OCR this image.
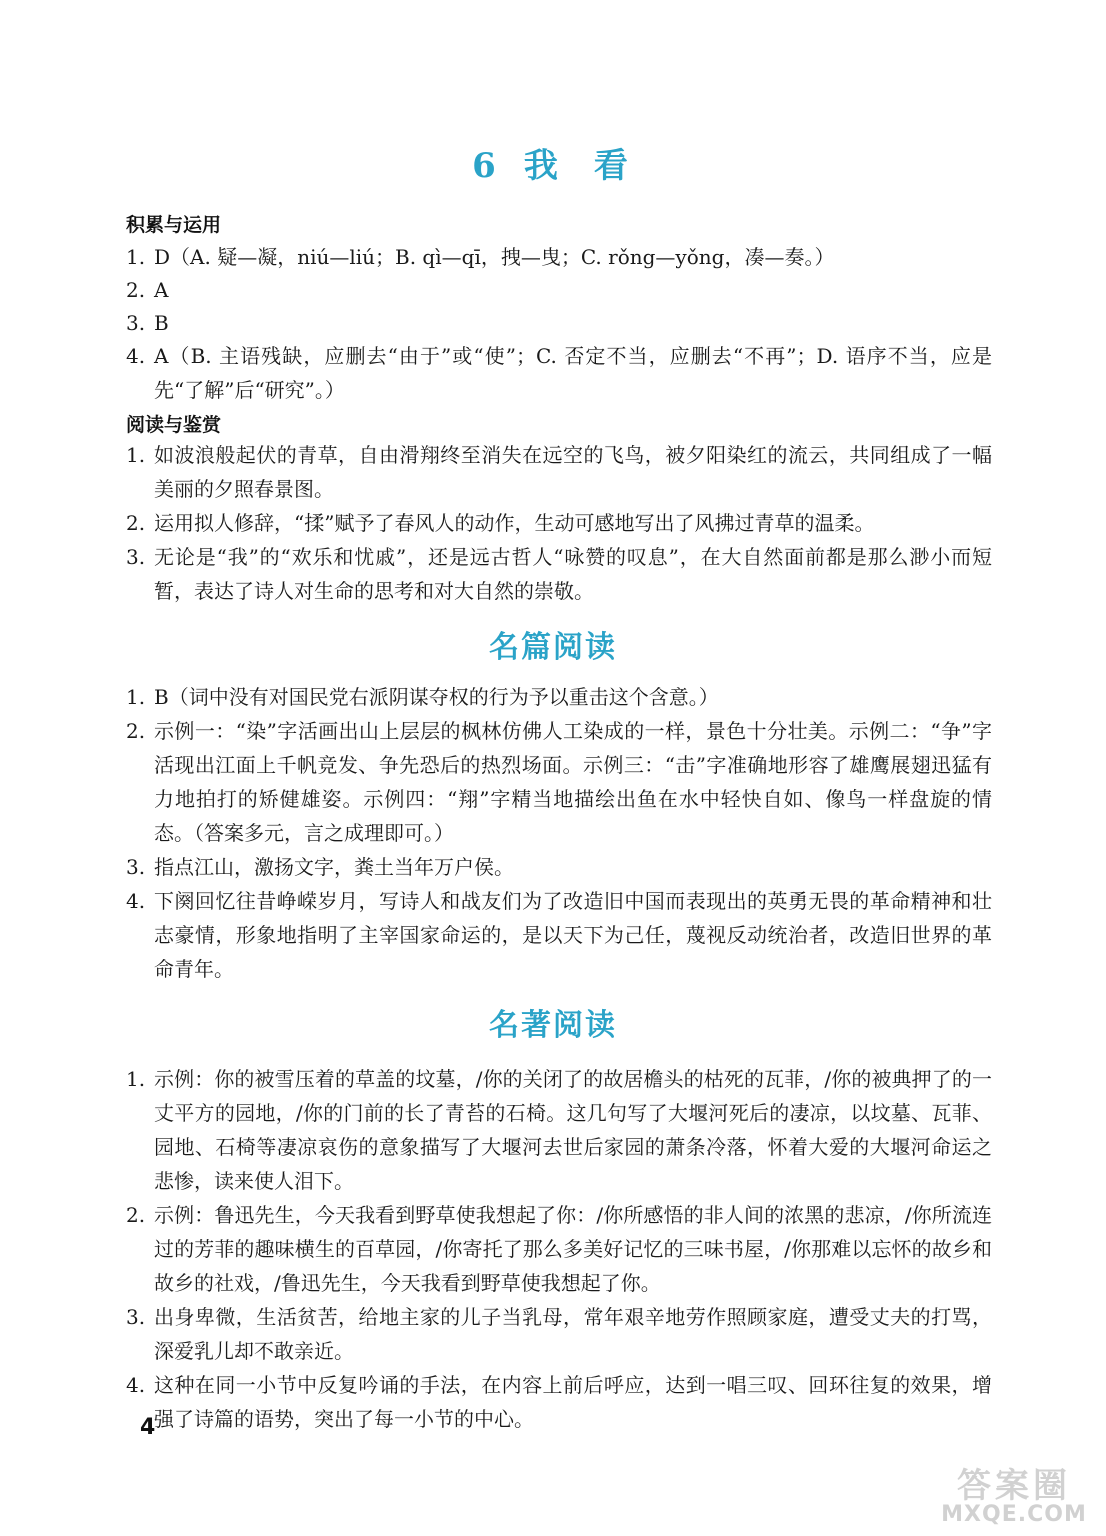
6 我 看
积累与运用
1. D（A. 疑—凝，niú—liú；B. qì—qī，拽—曳；C. rǒng—yǒng，凑—奏。）
2. A
3. B
4. A（B. 主语残缺，应删去“由于”或“使”；C. 否定不当，应删去“不再”；D. 语序不当，应是先“了解”后“研究”。）
阅读与鉴赏
1. 如波浪般起伏的青草，自由滑翔终至消失在远空的飞鸟，被夕阳染红的流云，共同组成了一幅美丽的夕照春景图。
2. 运用拟人修辞，“揉”赋予了春风人的动作，生动可感地写出了风拂过青草的温柔。
3. 无论是“我”的“欢乐和忧戚”，还是远古哲人“咏赞的叹息”，在大自然面前都是那么渺小而短暂，表达了诗人对生命的思考和对大自然的崇敬。
名篇阅读
1. B（词中没有对国民党右派阴谋夺权的行为予以重击这个含意。）
2. 示例一：“染”字活画出山上层层的枫林仿佛人工染成的一样，景色十分壮美。示例二：“争”字活现出江面上千帆竞发、争先恐后的热烈场面。示例三：“击”字准确地形容了雄鹰展翅迅猛有力地拍打的矫健雄姿。示例四：“翔”字精当地描绘出鱼在水中轻快自如、像鸟一样盘旋的情态。（答案多元，言之成理即可。）
3. 指点江山，激扬文字，粪土当年万户侯。
4. 下阕回忆往昔峥嵘岁月，写诗人和战友们为了改造旧中国而表现出的英勇无畏的革命精神和壮志豪情，形象地指明了主宰国家命运的，是以天下为己任，蔑视反动统治者，改造旧世界的革命青年。
名著阅读
1. 示例：你的被雪压着的草盖的坟墓，/你的关闭了的故居檐头的枯死的瓦菲，/你的被典押了的一丈平方的园地，/你的门前的长了青苔的石椅。这几句写了大堰河死后的凄凉，以坟墓、瓦菲、园地、石椅等凄凉哀伤的意象描写了大堰河去世后家园的萧条冷落，怀着大爱的大堰河命运之悲惨，读来使人泪下。
2. 示例：鲁迅先生，今天我看到野草使我想起了你：/你所感悟的非人间的浓黑的悲凉，/你所流连过的芳菲的趣味横生的百草园，/你寄托了那么多美好记忆的三味书屋，/你那难以忘怀的故乡和故乡的社戏，/鲁迅先生，今天我看到野草使我想起了你。
3. 出身卑微，生活贫苦，给地主家的儿子当乳母，常年艰辛地劳作照顾家庭，遭受丈夫的打骂，深爱乳儿却不敢亲近。
4. 这种在同一小节中反复吟诵的手法，在内容上前后呼应，达到一唱三叹、回环往复的效果，增强了诗篇的语势，突出了每一小节的中心。
4
答案圈
MXQE.COM
